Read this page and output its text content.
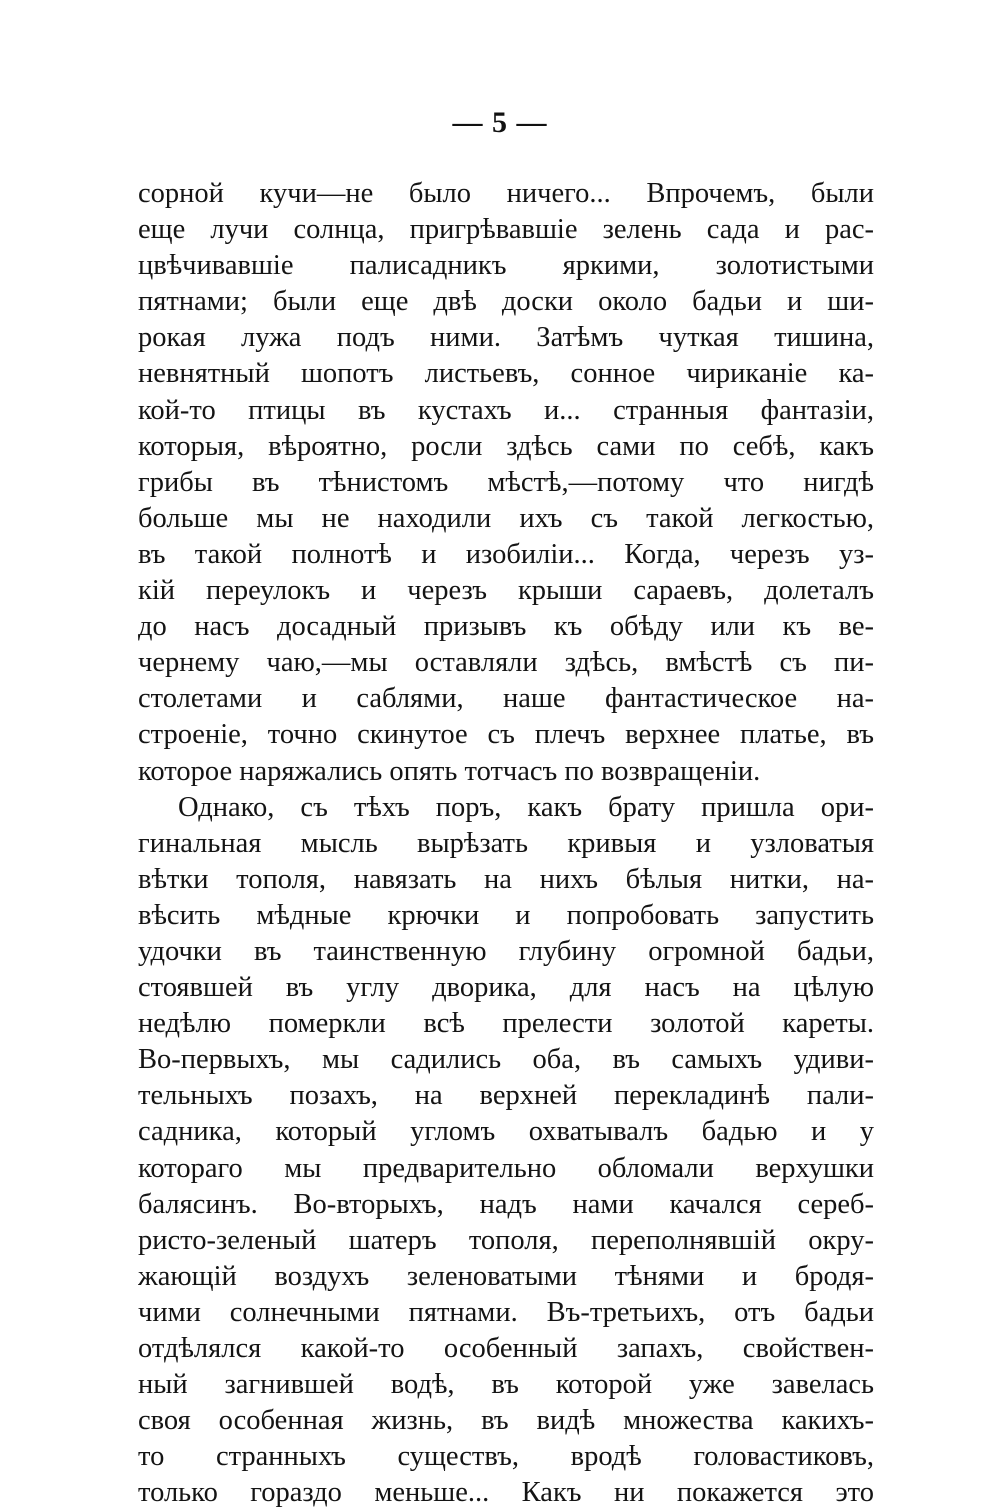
— 5 —
сорной кучи—не было ничего... Впрочемъ, были
еще лучи солнца, пригрѣвавшіе зелень сада и рас-
цвѣчивавшіе палисадникъ яркими, золотистыми
пятнами; были еще двѣ доски около бадьи и ши-
рокая лужа подъ ними. Затѣмъ чуткая тишина,
невнятный шопотъ листьевъ, сонное чириканіе ка-
кой-то птицы въ кустахъ и... странныя фантазіи,
которыя, вѣроятно, росли здѣсь сами по себѣ, какъ
грибы въ тѣнистомъ мѣстѣ,—потому что нигдѣ
больше мы не находили ихъ съ такой легкостью,
въ такой полнотѣ и изобиліи... Когда, черезъ уз-
кій переулокъ и черезъ крыши сараевъ, долеталъ
до насъ досадный призывъ къ обѣду или къ ве-
чернему чаю,—мы оставляли здѣсь, вмѣстѣ съ пи-
столетами и саблями, наше фантастическое на-
строеніе, точно скинутое съ плечъ верхнее платье, въ
которое наряжались опять тотчасъ по возвращеніи.
Однако, съ тѣхъ поръ, какъ брату пришла ори-
гинальная мысль вырѣзать кривыя и узловатыя
вѣтки тополя, навязать на нихъ бѣлыя нитки, на-
вѣсить мѣдные крючки и попробовать запустить
удочки въ таинственную глубину огромной бадьи,
стоявшей въ углу дворика, для насъ на цѣлую
недѣлю померкли всѣ прелести золотой кареты.
Во-первыхъ, мы садились оба, въ самыхъ удиви-
тельныхъ позахъ, на верхней перекладинѣ пали-
садника, который угломъ охватывалъ бадью и у
котораго мы предварительно обломали верхушки
балясинъ. Во-вторыхъ, надъ нами качался сереб-
ристо-зеленый шатеръ тополя, переполнявшій окру-
жающій воздухъ зеленоватыми тѣнями и бродя-
чими солнечными пятнами. Въ-третьихъ, отъ бадьи
отдѣлялся какой-то особенный запахъ, свойствен-
ный загнившей водѣ, въ которой уже завелась
своя особенная жизнь, въ видѣ множества какихъ-
то странныхъ существъ, вродѣ головастиковъ,
только гораздо меньше... Какъ ни покажется это
